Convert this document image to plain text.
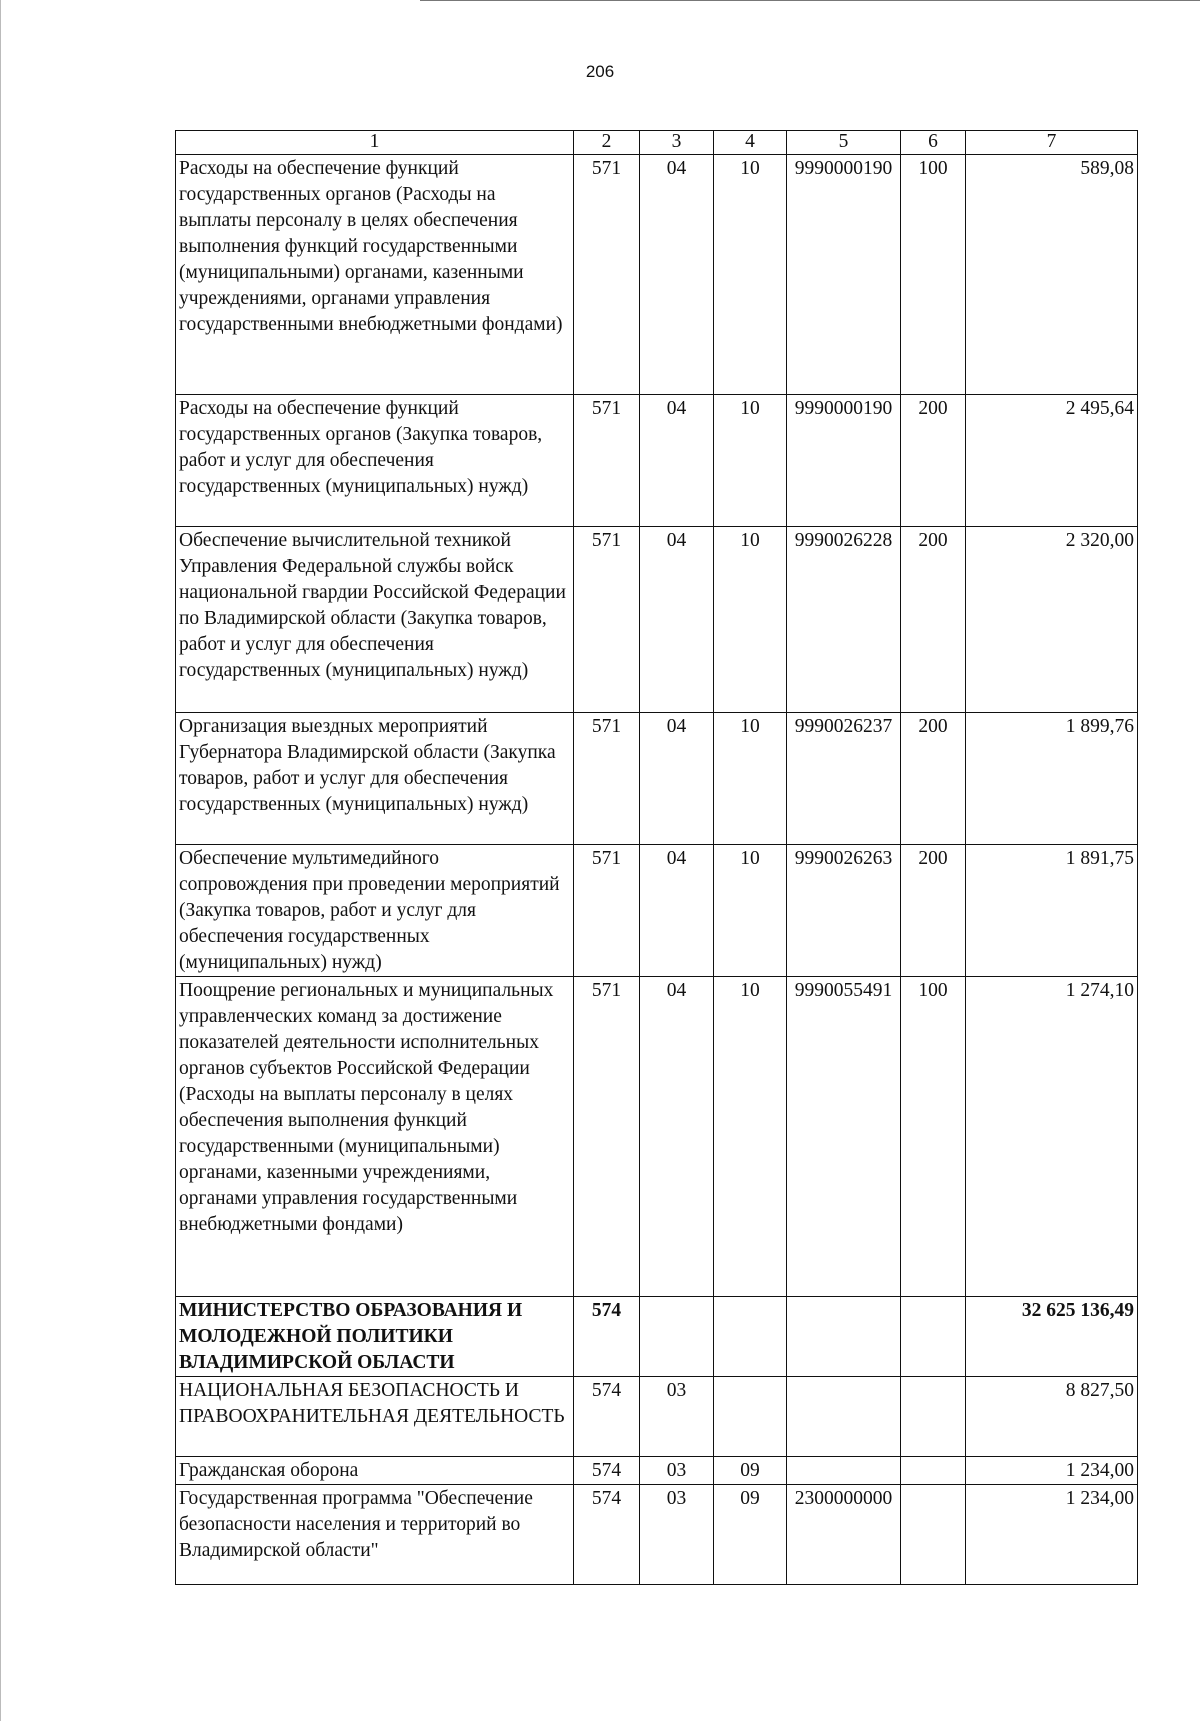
206
1	2	3	4	5	6	7
Расходы на обеспечение функций государственных органов (Расходы на выплаты персоналу в целях обеспечения выполнения функций государственными (муниципальными) органами, казенными учреждениями, органами управления государственными внебюджетными фондами)	571	04	10	9990000190	100	589,08
Расходы на обеспечение функций государственных органов (Закупка товаров, работ и услуг для обеспечения государственных (муниципальных) нужд)	571	04	10	9990000190	200	2 495,64
Обеспечение вычислительной техникой Управления Федеральной службы войск национальной гвардии Российской Федерации по Владимирской области (Закупка товаров, работ и услуг для обеспечения государственных (муниципальных) нужд)	571	04	10	9990026228	200	2 320,00
Организация выездных мероприятий Губернатора Владимирской области (Закупка товаров, работ и услуг для обеспечения государственных (муниципальных) нужд)	571	04	10	9990026237	200	1 899,76
Обеспечение мультимедийного сопровождения при проведении мероприятий (Закупка товаров, работ и услуг для обеспечения государственных (муниципальных) нужд)	571	04	10	9990026263	200	1 891,75
Поощрение региональных и муниципальных управленческих команд за достижение показателей деятельности исполнительных органов субъектов Российской Федерации (Расходы на выплаты персоналу в целях обеспечения выполнения функций государственными (муниципальными) органами, казенными учреждениями, органами управления государственными внебюджетными фондами)	571	04	10	9990055491	100	1 274,10
МИНИСТЕРСТВО ОБРАЗОВАНИЯ И МОЛОДЕЖНОЙ ПОЛИТИКИ ВЛАДИМИРСКОЙ ОБЛАСТИ	574					32 625 136,49
НАЦИОНАЛЬНАЯ БЕЗОПАСНОСТЬ И ПРАВООХРАНИТЕЛЬНАЯ ДЕЯТЕЛЬНОСТЬ	574	03				8 827,50
Гражданская оборона	574	03	09			1 234,00
Государственная программа "Обеспечение безопасности населения и территорий во Владимирской области"	574	03	09	2300000000		1 234,00
